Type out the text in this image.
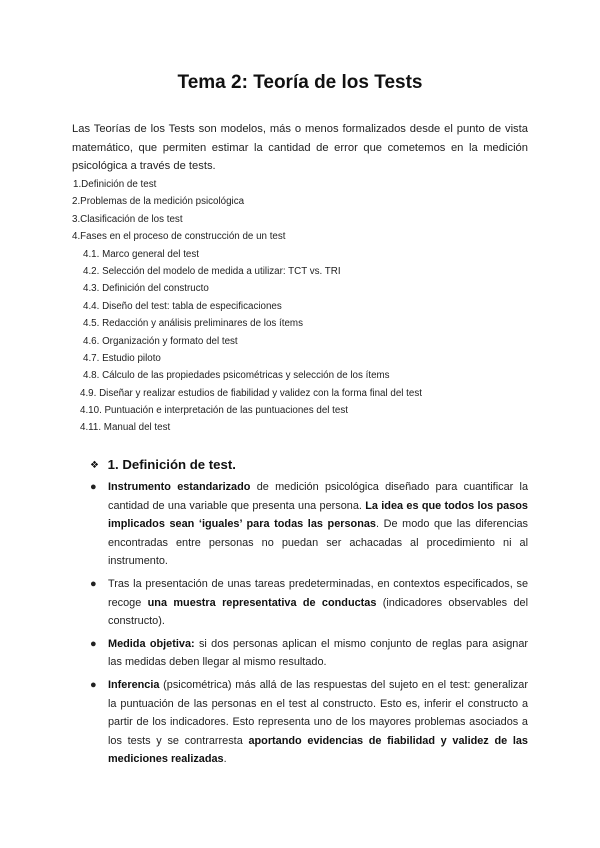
Tema 2: Teoría de los Tests
Las Teorías de los Tests son modelos, más o menos formalizados desde el punto de vista matemático, que permiten estimar la cantidad de error que cometemos en la medición psicológica a través de tests.
1.Definición de test
2.Problemas de la medición psicológica
3.Clasificación de los test
4.Fases en el proceso de construcción de un test
4.1. Marco general del test
4.2. Selección del modelo de medida a utilizar: TCT vs. TRI
4.3. Definición del constructo
4.4. Diseño del test: tabla de especificaciones
4.5. Redacción y análisis preliminares de los ítems
4.6. Organización y formato del test
4.7. Estudio piloto
4.8. Cálculo de las propiedades psicométricas y selección de los ítems
4.9. Diseñar y realizar estudios de fiabilidad y validez con la forma final del test
4.10. Puntuación e interpretación de las puntuaciones del test
4.11. Manual del test
❖ 1. Definición de test.
● Instrumento estandarizado de medición psicológica diseñado para cuantificar la cantidad de una variable que presenta una persona. La idea es que todos los pasos implicados sean ‘iguales’ para todas las personas. De modo que las diferencias encontradas entre personas no puedan ser achacadas al procedimiento ni al instrumento.
● Tras la presentación de unas tareas predeterminadas, en contextos especificados, se recoge una muestra representativa de conductas (indicadores observables del constructo).
● Medida objetiva: si dos personas aplican el mismo conjunto de reglas para asignar las medidas deben llegar al mismo resultado.
● Inferencia (psicométrica) más allá de las respuestas del sujeto en el test: generalizar la puntuación de las personas en el test al constructo. Esto es, inferir el constructo a partir de los indicadores. Esto representa uno de los mayores problemas asociados a los tests y se contrarresta aportando evidencias de fiabilidad y validez de las mediciones realizadas.
